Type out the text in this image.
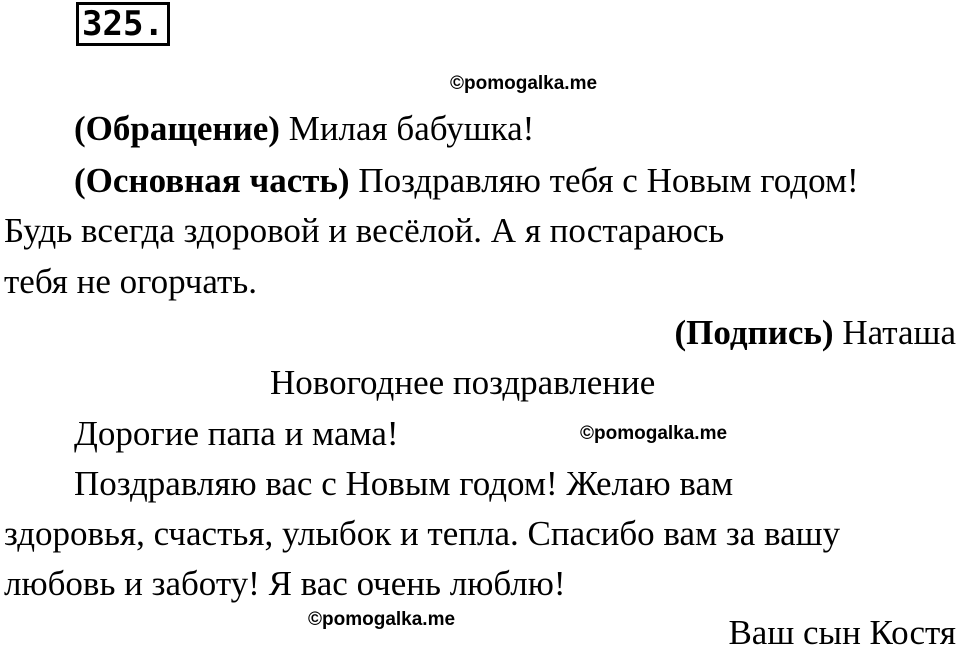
325.
©pomogalka.me
(Обращение) Милая бабушка!
(Основная часть) Поздравляю тебя с Новым годом!
Будь всегда здоровой и весёлой. А я постараюсь
тебя не огорчать.
(Подпись) Наташа
Новогоднее поздравление
Дорогие папа и мама!	©pomogalka.me
Поздравляю вас с Новым годом! Желаю вам
здоровья, счастья, улыбок и тепла. Спасибо вам за вашу
любовь и заботу! Я вас очень люблю!
©pomogalka.me	Ваш сын Костя
